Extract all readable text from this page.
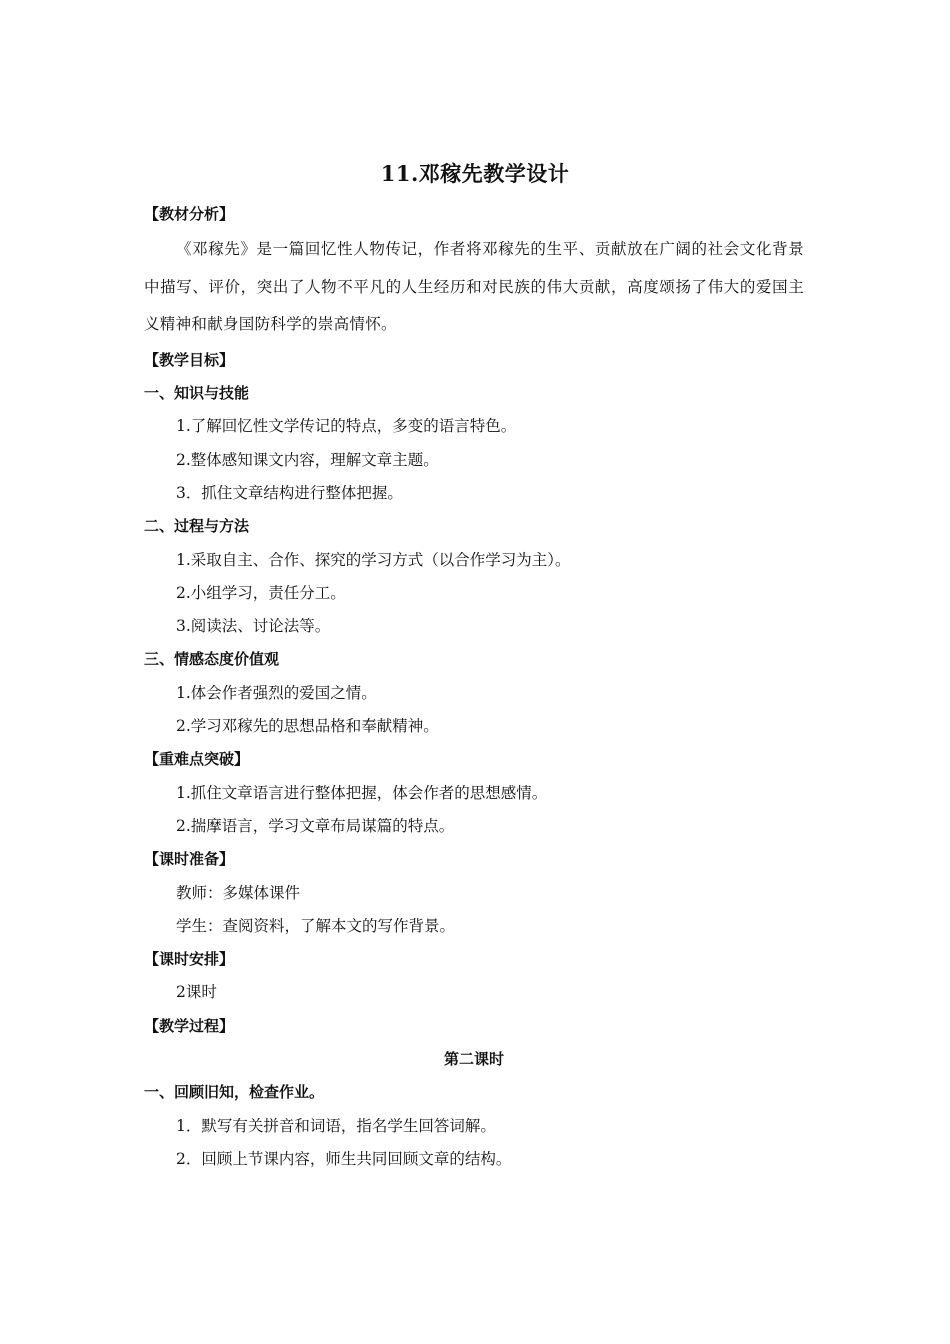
11.邓稼先教学设计
【教材分析】
《邓稼先》是一篇回忆性人物传记，作者将邓稼先的生平、贡献放在广阔的社会文化背景中描写、评价，突出了人物不平凡的人生经历和对民族的伟大贡献，高度颂扬了伟大的爱国主义精神和献身国防科学的崇高情怀。
【教学目标】
一、知识与技能
1.了解回忆性文学传记的特点，多变的语言特色。
2.整体感知课文内容，理解文章主题。
3．抓住文章结构进行整体把握。
二、过程与方法
1.采取自主、合作、探究的学习方式（以合作学习为主）。
2.小组学习，责任分工。
3.阅读法、讨论法等。
三、情感态度价值观
1.体会作者强烈的爱国之情。
2.学习邓稼先的思想品格和奉献精神。
【重难点突破】
1.抓住文章语言进行整体把握，体会作者的思想感情。
2.揣摩语言，学习文章布局谋篇的特点。
【课时准备】
教师：多媒体课件
学生：查阅资料，了解本文的写作背景。
【课时安排】
2课时
【教学过程】
第二课时
一、回顾旧知，检查作业。
1．默写有关拼音和词语，指名学生回答词解。
2．回顾上节课内容，师生共同回顾文章的结构。
